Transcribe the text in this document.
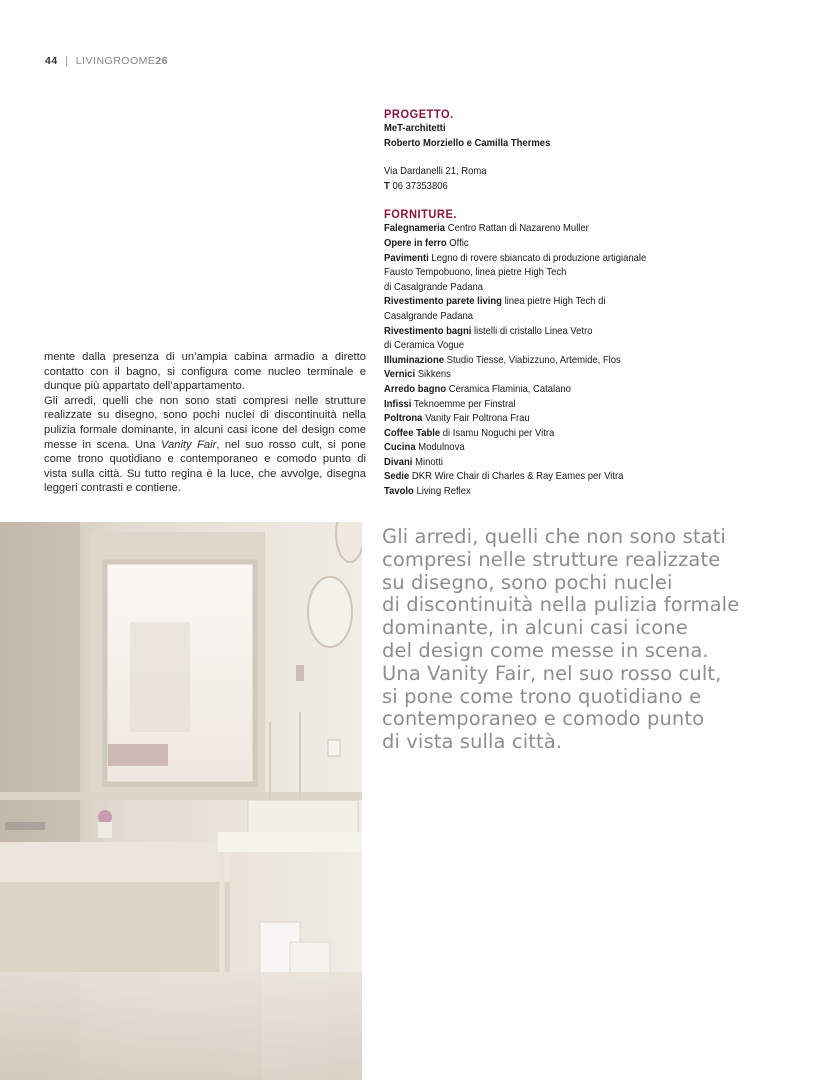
44 | LIVINGROOME26
PROGETTO.
MeT-architetti
Roberto Morziello e Camilla Thermes
Via Dardanelli 21, Roma
T 06 37353806
FORNITURE.
Falegnameria Centro Rattan di Nazareno Muller
Opere in ferro Offic
Pavimenti Legno di rovere sbiancato di produzione artigianale
Fausto Tempobuono, linea pietre High Tech
di Casalgrande Padana
Rivestimento parete living linea pietre High Tech di
Casalgrande Padana
Rivestimento bagni listelli di cristallo Linea Vetro
di Ceramica Vogue
Illuminazione Studio Tiesse, Viabizzuno, Artemide, Flos
Vernici Sikkens
Arredo bagno Ceramica Flaminia, Catalano
Infissi Teknoemme per Finstral
Poltrona Vanity Fair Poltrona Frau
Coffee Table di Isamu Noguchi per Vitra
Cucina Modulnova
Divani Minotti
Sedie DKR Wire Chair di Charles & Ray Eames per Vitra
Tavolo Living Reflex

mente dalla presenza di un’ampia cabina armadio a diretto contatto con il bagno, si configura come nucleo terminale e dunque più appartato dell’appartamento.

Gli arredi, quelli che non sono stati compresi nelle strutture realizzate su disegno, sono pochi nuclei di discontinuità nella pulizia formale dominante, in alcuni casi icone del design come messe in scena. Una Vanity Fair, nel suo rosso cult, si pone come trono quotidiano e contemporaneo e comodo punto di vista sulla città. Su tutto regina è la luce, che avvolge, disegna leggeri contrasti e contiene.

Gli arredi, quelli che non sono stati
compresi nelle strutture realizzate
su disegno, sono pochi nuclei
di discontinuità nella pulizia formale
dominante, in alcuni casi icone
del design come messe in scena.
Una Vanity Fair, nel suo rosso cult,
si pone come trono quotidiano e
contemporaneo e comodo punto
di vista sulla città.
